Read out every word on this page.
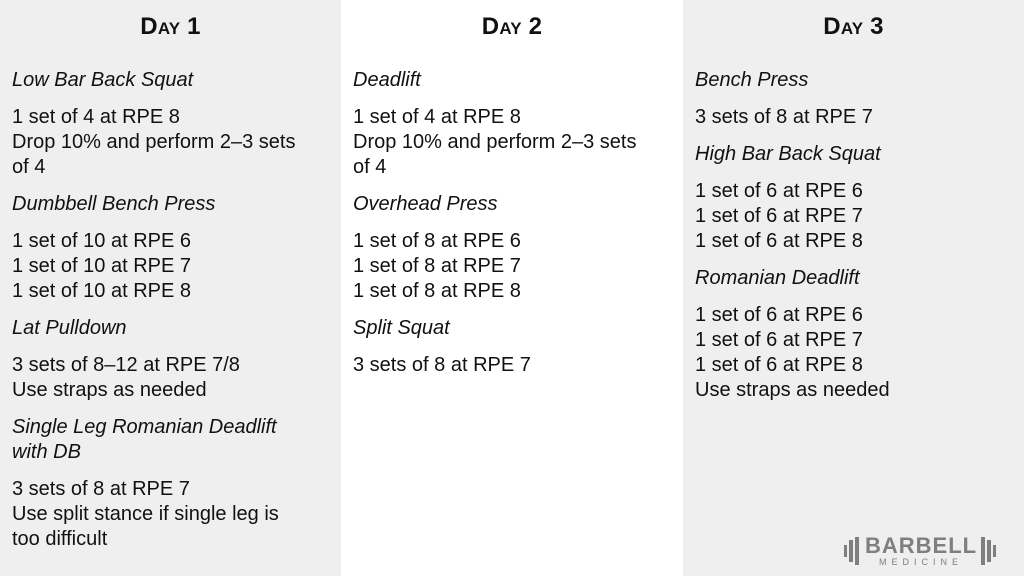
Day 1
Low Bar Back Squat
1 set of 4 at RPE 8
Drop 10% and perform 2–3 sets
of 4
Dumbbell Bench Press
1 set of 10 at RPE 6
1 set of 10 at RPE 7
1 set of 10 at RPE 8
Lat Pulldown
3 sets of 8–12 at RPE 7/8
Use straps as needed
Single Leg Romanian Deadlift
with DB
3 sets of 8 at RPE 7
Use split stance if single leg is
too difficult
Day 2
Deadlift
1 set of 4 at RPE 8
Drop 10% and perform 2–3 sets
of 4
Overhead Press
1 set of 8 at RPE 6
1 set of 8 at RPE 7
1 set of 8 at RPE 8
Split Squat
3 sets of 8 at RPE 7
Day 3
Bench Press
3 sets of 8 at RPE 7
High Bar Back Squat
1 set of 6 at RPE 6
1 set of 6 at RPE 7
1 set of 6 at RPE 8
Romanian Deadlift
1 set of 6 at RPE 6
1 set of 6 at RPE 7
1 set of 6 at RPE 8
Use straps as needed
BARBELL
MEDICINE
